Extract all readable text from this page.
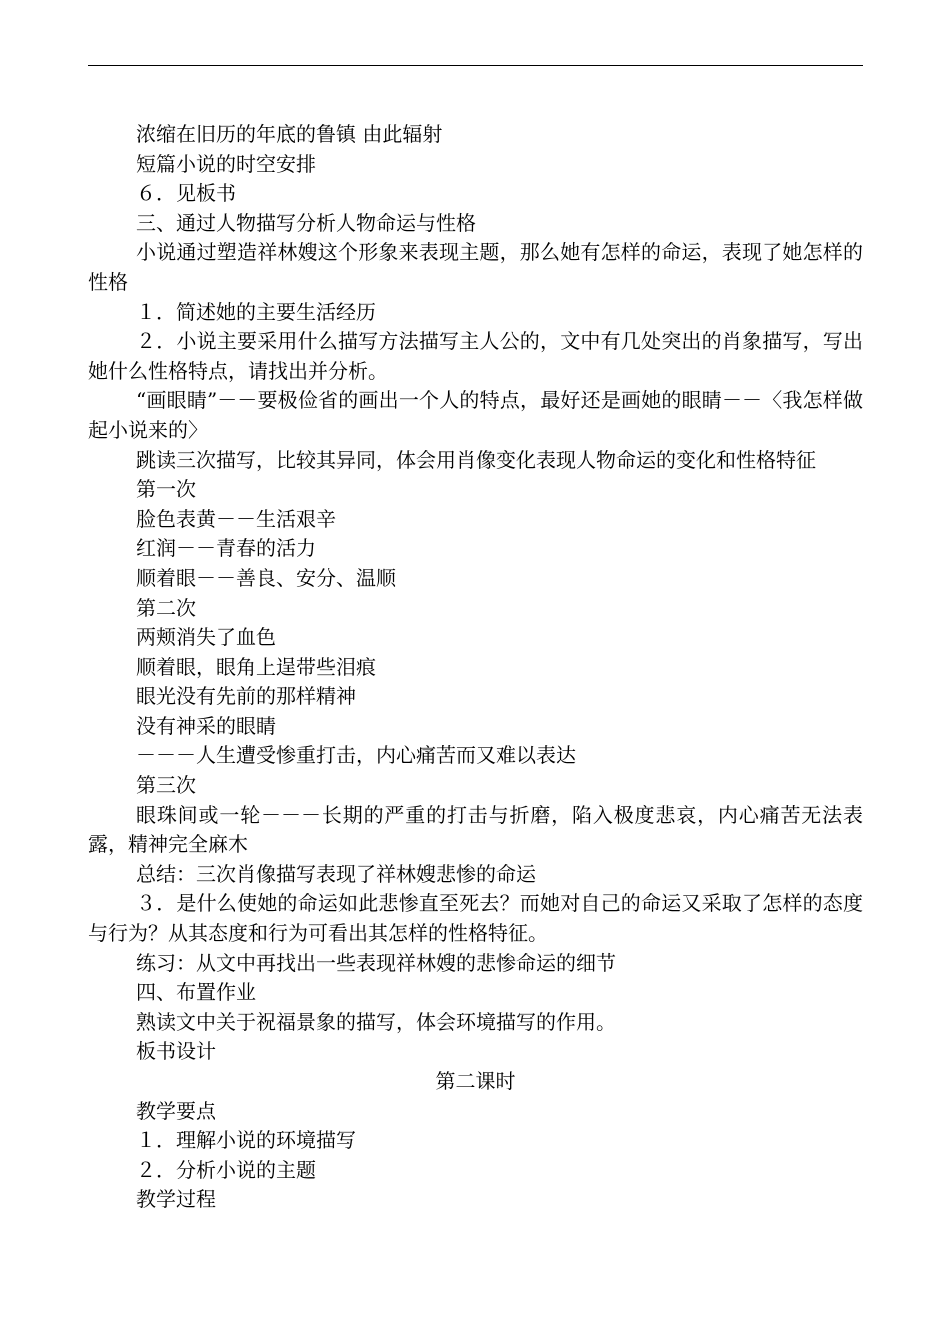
浓缩在旧历的年底的鲁镇 由此辐射
短篇小说的时空安排
６．见板书
三、通过人物描写分析人物命运与性格
小说通过塑造祥林嫂这个形象来表现主题，那么她有怎样的命运，表现了她怎样的性格
１．简述她的主要生活经历
２．小说主要采用什么描写方法描写主人公的，文中有几处突出的肖象描写，写出她什么性格特点，请找出并分析。
“画眼睛”－－要极俭省的画出一个人的特点，最好还是画她的眼睛－－〈我怎样做起小说来的〉
跳读三次描写，比较其异同，体会用肖像变化表现人物命运的变化和性格特征
第一次
脸色表黄－－生活艰辛
红润－－青春的活力
顺着眼－－善良、安分、温顺
第二次
两颊消失了血色
顺着眼，眼角上逞带些泪痕
眼光没有先前的那样精神
没有神采的眼睛
－－－人生遭受惨重打击，内心痛苦而又难以表达
第三次
眼珠间或一轮－－－长期的严重的打击与折磨，陷入极度悲哀，内心痛苦无法表露，精神完全麻木
总结：三次肖像描写表现了祥林嫂悲惨的命运
３．是什么使她的命运如此悲惨直至死去？而她对自己的命运又采取了怎样的态度与行为？从其态度和行为可看出其怎样的性格特征。
练习：从文中再找出一些表现祥林嫂的悲惨命运的细节
四、布置作业
熟读文中关于祝福景象的描写，体会环境描写的作用。
板书设计
第二课时
教学要点
１．理解小说的环境描写
２．分析小说的主题
教学过程
